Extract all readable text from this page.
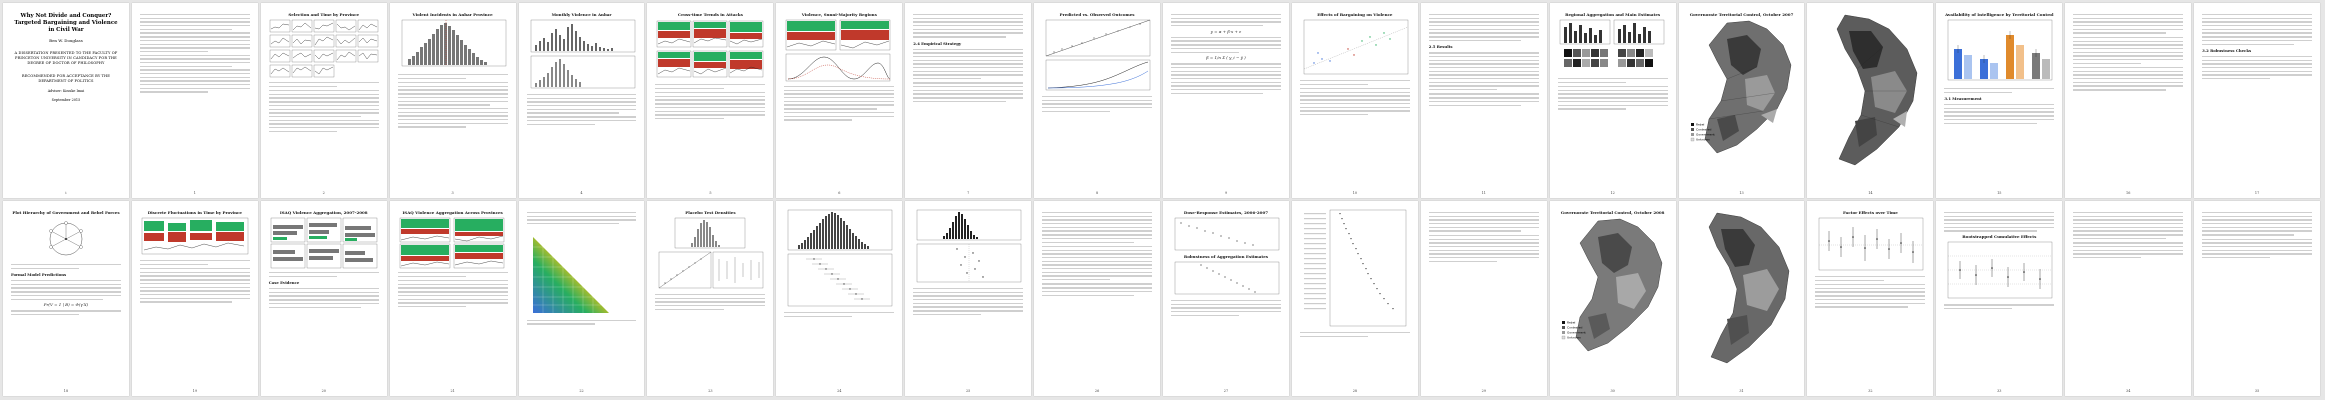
Why Not Divide and Conquer? Targeted Bargaining and Violence in Civil War
Ben W. Douglass
A DISSERTATION PRESENTED TO THE FACULTY OF PRINCETON UNIVERSITY IN CANDIDACY FOR THE DEGREE OF DOCTOR OF PHILOSOPHY
RECOMMENDED FOR ACCEPTANCE BY THE DEPARTMENT OF POLITICS
Adviser: Kosuke Imai
September 2015
i	1
Selection and Time by Province
2
Violent Incidents in Anbar Province
3
Monthly Violence in Anbar
4
Cross-time Trends in Attacks
5
Violence, Sunni-Majority Regions
6
2.4 Empirical Strategy
7
Predicted vs. Observed Outcomes
8
y = α + β·x + ε
β = 1/n Σ ( y_i − ȳ )
9
Effects of Bargaining on Violence
10
2.5 Results
11
Regional Aggregation and Main Estimates
12
Governorate Territorial Control, October 2007
Rebel
Contested
Government
Unknown
13	14
Availability of Intelligence by Territorial Control
3.1 Measurement
15	16
3.2 Robustness Checks
17
Plot Hierarchy of Government and Rebel Forces
Formal Model Predictions
Pr(V = 1 | B) = Φ(γ′X)
18
Discrete Fluctuations in Time by Province
19
ISAQ Violence Aggregation, 2007-2008
Case Evidence
20
ISAQ Violence Aggregation Across Provinces
21	22
Placebo Test Densities
23	24	25	26
Dose-Response Estimates, 2006-2007
Robustness of Aggregation Estimates
27	28	29
Governorate Territorial Control, October 2008
Rebel
Contested
Government
Unknown
30	31
Factor Effects over Time
32
Bootstrapped Cumulative Effects
33	34	35
